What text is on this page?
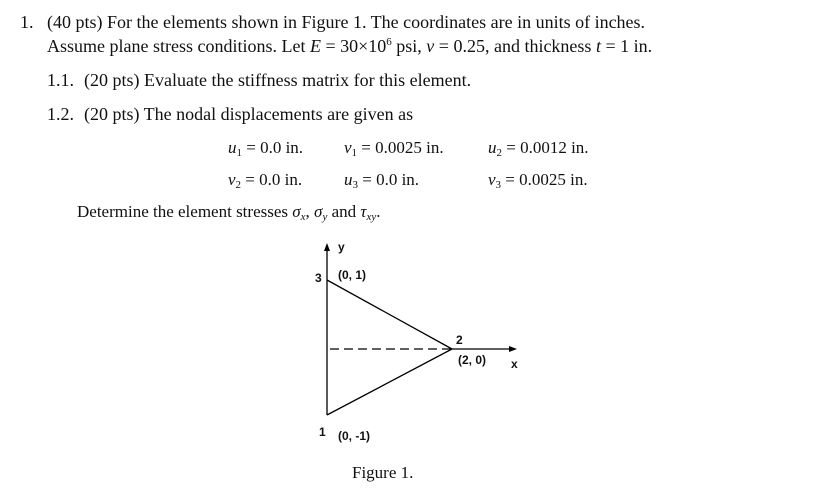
1. (40 pts) For the elements shown in Figure 1. The coordinates are in units of inches.
Assume plane stress conditions. Let $E = 30\times 10^6$ psi, ν = 0.25, and thickness t = 1 in.
1.1. (20 pts) Evaluate the stiffness matrix for this element.
1.2. (20 pts) The nodal displacements are given as
$u_1 = 0.0$ in. $v_1 = 0.0025$ in.	$u_2 = 0.0012$ in.
$v_2 = 0.0$ in. $u_3 = 0.0$ in.	$v_3 = 0.0025$ in.
Determine the element stresses $\sigma_x$, $\sigma_y$ and $\tau_{xy}$.
y
3 (0, 1)
2
(2, 0) x
1 (0, -1)
Figure 1.
